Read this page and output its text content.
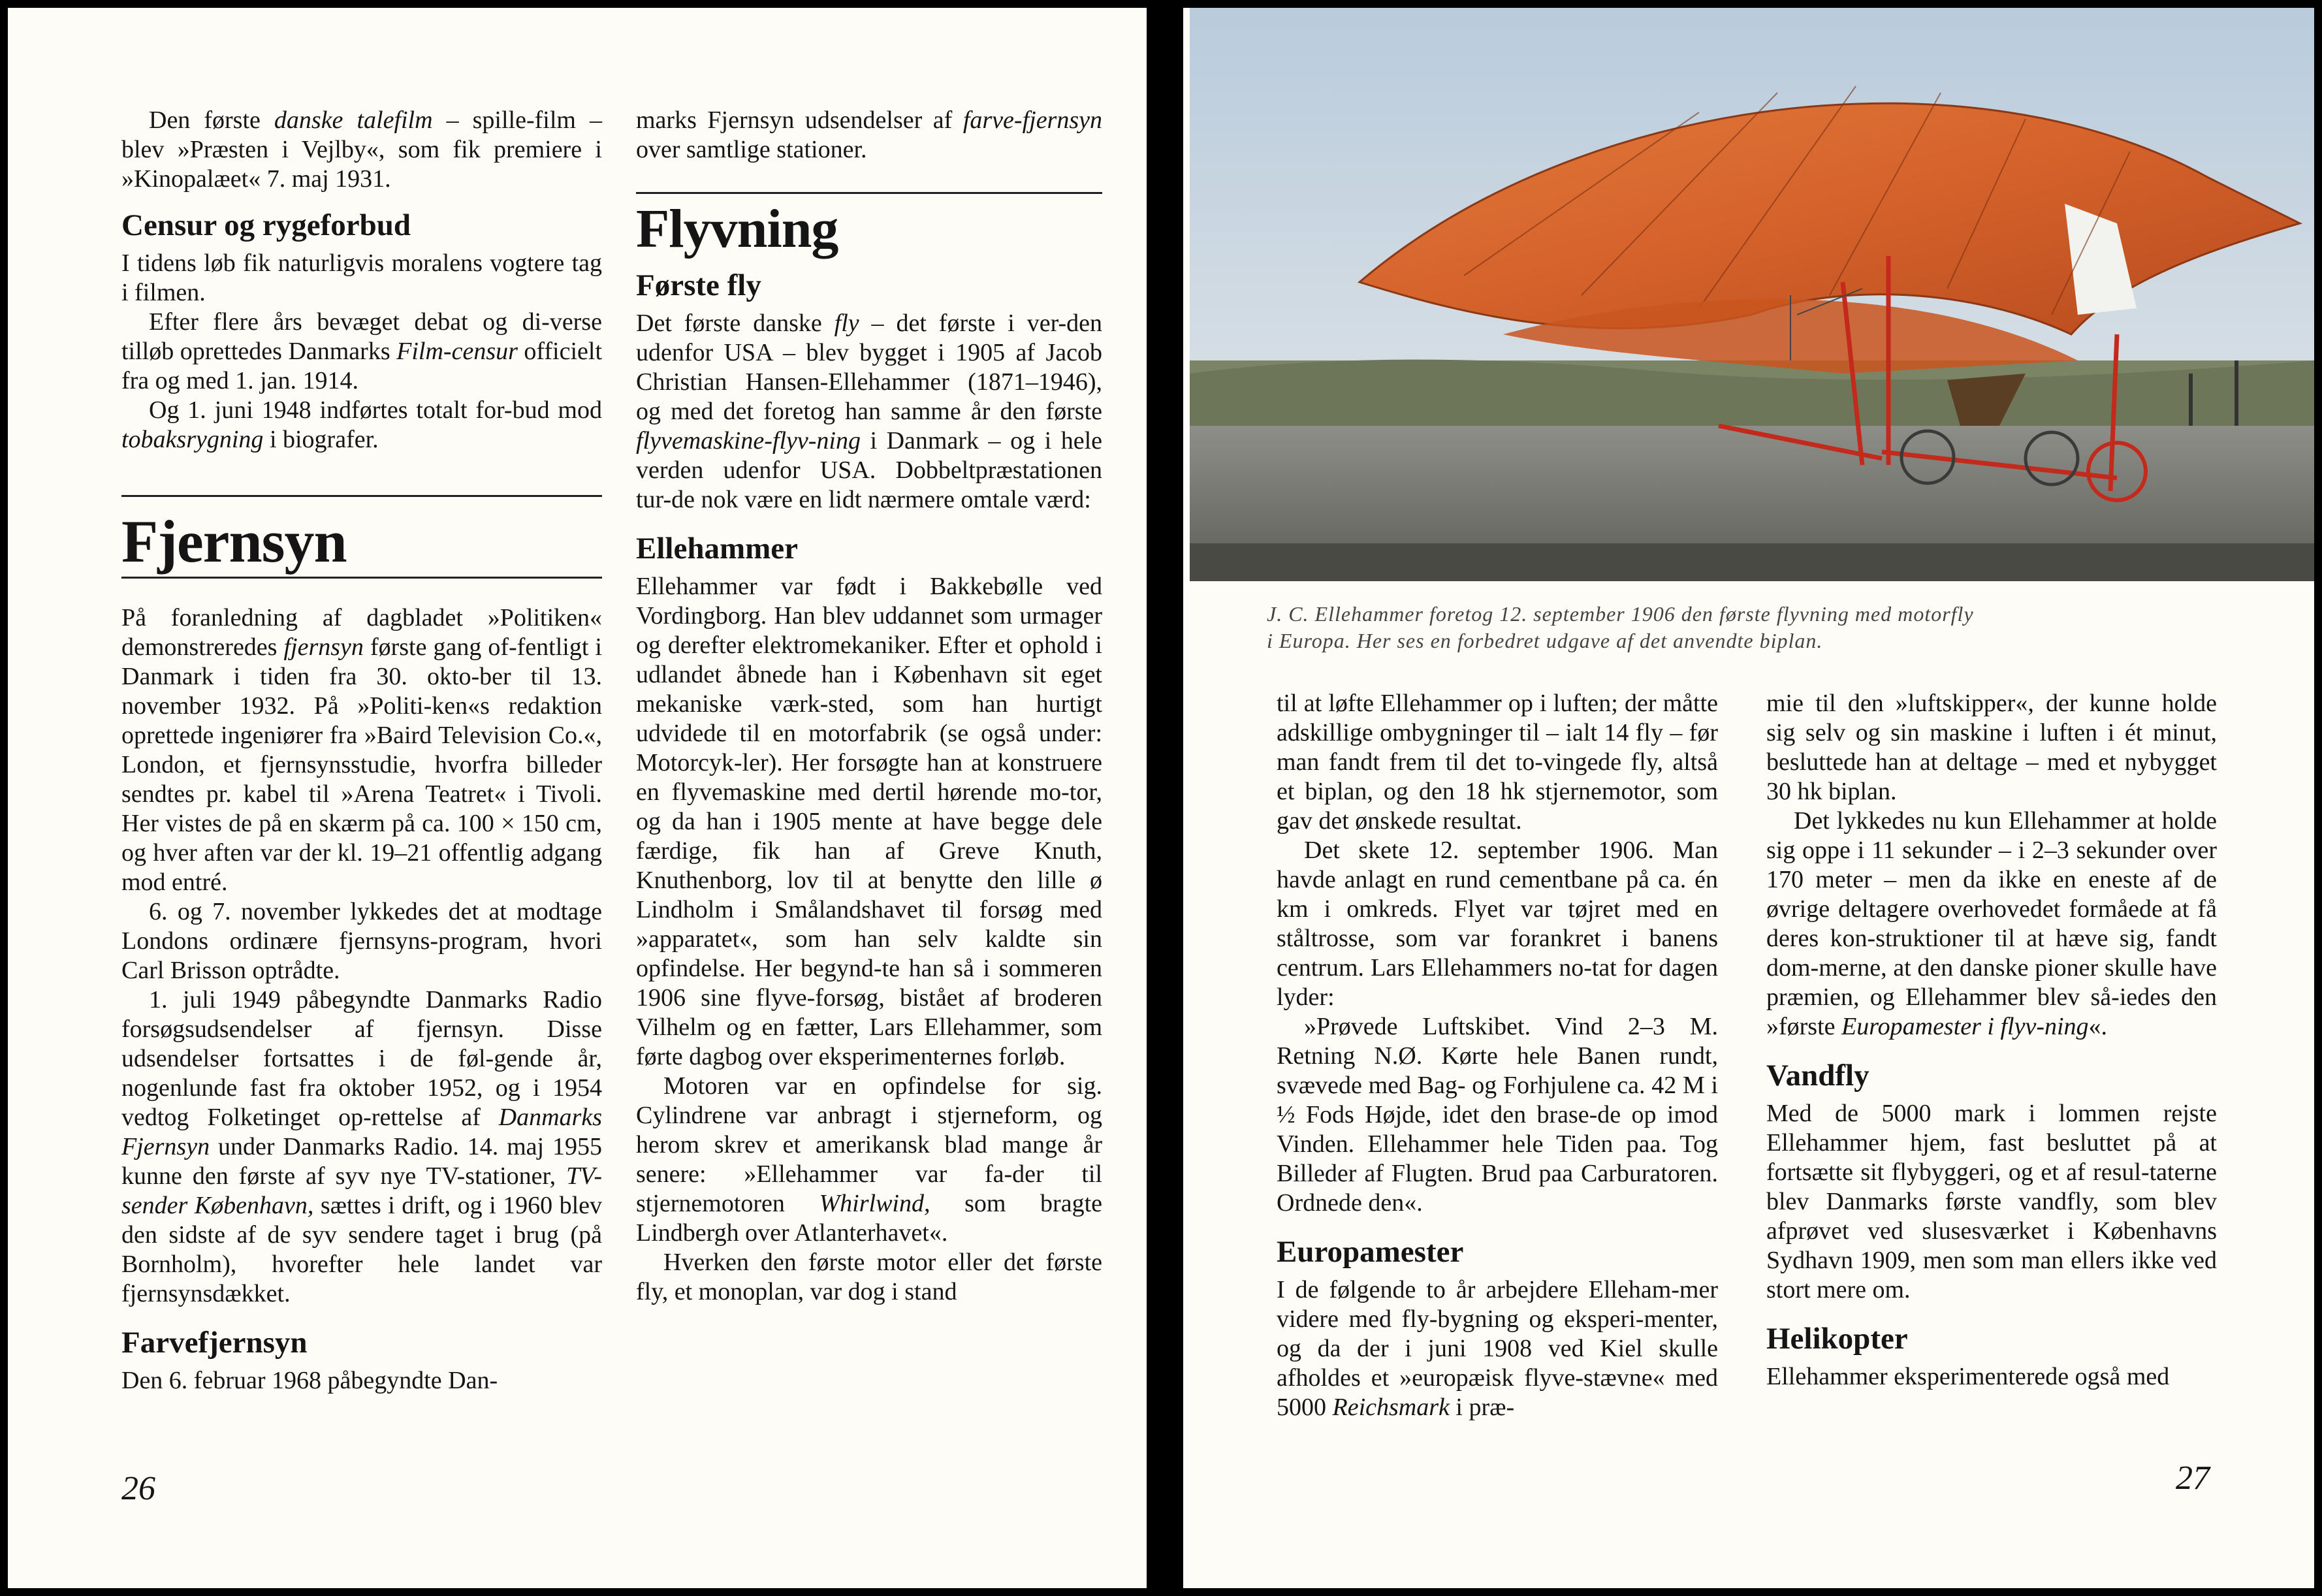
Den første danske talefilm – spille-film – blev »Præsten i Vejlby«, som fik premiere i »Kinopalæet« 7. maj 1931.

Censur og rygeforbud

I tidens løb fik naturligvis moralens vogtere tag i filmen.

Efter flere års bevæget debat og di-verse tilløb oprettedes Danmarks Film-censur officielt fra og med 1. jan. 1914.

Og 1. juni 1948 indførtes totalt for-bud mod tobaksrygning i biografer.

Fjernsyn

På foranledning af dagbladet »Politiken« demonstreredes fjernsyn første gang of-fentligt i Danmark i tiden fra 30. okto-ber til 13. november 1932. På »Politi-ken«s redaktion oprettede ingeniører fra »Baird Television Co.«, London, et fjernsynsstudie, hvorfra billeder sendtes pr. kabel til »Arena Teatret« i Tivoli. Her vistes de på en skærm på ca. 100 × 150 cm, og hver aften var der kl. 19–21 offentlig adgang mod entré.

6. og 7. november lykkedes det at modtage Londons ordinære fjernsyns-program, hvori Carl Brisson optrådte.

1. juli 1949 påbegyndte Danmarks Radio forsøgsudsendelser af fjernsyn. Disse udsendelser fortsattes i de føl-gende år, nogenlunde fast fra oktober 1952, og i 1954 vedtog Folketinget op-rettelse af Danmarks Fjernsyn under Danmarks Radio. 14. maj 1955 kunne den første af syv nye TV-stationer, TV-sender København, sættes i drift, og i 1960 blev den sidste af de syv sendere taget i brug (på Bornholm), hvorefter hele landet var fjernsynsdækket.

Farvefjernsyn

Den 6. februar 1968 påbegyndte Dan-

marks Fjernsyn udsendelser af farve-fjernsyn over samtlige stationer.

Flyvning
Første fly

Det første danske fly – det første i ver-den udenfor USA – blev bygget i 1905 af Jacob Christian Hansen-Ellehammer (1871–1946), og med det foretog han samme år den første flyvemaskine-flyv-ning i Danmark – og i hele verden udenfor USA. Dobbeltpræstationen tur-de nok være en lidt nærmere omtale værd:

Ellehammer

Ellehammer var født i Bakkebølle ved Vordingborg. Han blev uddannet som urmager og derefter elektromekaniker. Efter et ophold i udlandet åbnede han i København sit eget mekaniske værk-sted, som han hurtigt udvidede til en motorfabrik (se også under: Motorcyk-ler). Her forsøgte han at konstruere en flyvemaskine med dertil hørende mo-tor, og da han i 1905 mente at have begge dele færdige, fik han af Greve Knuth, Knuthenborg, lov til at benytte den lille ø Lindholm i Smålandshavet til forsøg med »apparatet«, som han selv kaldte sin opfindelse. Her begynd-te han så i sommeren 1906 sine flyve-forsøg, bistået af broderen Vilhelm og en fætter, Lars Ellehammer, som førte dagbog over eksperimenternes forløb.

Motoren var en opfindelse for sig. Cylindrene var anbragt i stjerneform, og herom skrev et amerikansk blad mange år senere: »Ellehammer var fa-der til stjernemotoren Whirlwind, som bragte Lindbergh over Atlanterhavet«.

Hverken den første motor eller det første fly, et monoplan, var dog i stand

26
J. C. Ellehammer foretog 12. september 1906 den første flyvning med motorfly
i Europa. Her ses en forbedret udgave af det anvendte biplan.

til at løfte Ellehammer op i luften; der måtte adskillige ombygninger til – ialt 14 fly – før man fandt frem til det to-vingede fly, altså et biplan, og den 18 hk stjernemotor, som gav det ønskede resultat.

Det skete 12. september 1906. Man havde anlagt en rund cementbane på ca. én km i omkreds. Flyet var tøjret med en ståltrosse, som var forankret i banens centrum. Lars Ellehammers no-tat for dagen lyder:

»Prøvede Luftskibet. Vind 2–3 M. Retning N.Ø. Kørte hele Banen rundt, svævede med Bag- og Forhjulene ca. 42 M i ½ Fods Højde, idet den brase-de op imod Vinden. Ellehammer hele Tiden paa. Tog Billeder af Flugten. Brud paa Carburatoren. Ordnede den«.

Europamester

I de følgende to år arbejdere Elleham-mer videre med fly-bygning og eksperi-menter, og da der i juni 1908 ved Kiel skulle afholdes et »europæisk flyve-stævne« med 5000 Reichsmark i præ-

mie til den »luftskipper«, der kunne holde sig selv og sin maskine i luften i ét minut, besluttede han at deltage – med et nybygget 30 hk biplan.

Det lykkedes nu kun Ellehammer at holde sig oppe i 11 sekunder – i 2–3 sekunder over 170 meter – men da ikke en eneste af de øvrige deltagere overhovedet formåede at få deres kon-struktioner til at hæve sig, fandt dom-merne, at den danske pioner skulle have præmien, og Ellehammer blev så-iedes den »første Europamester i flyv-ning«.

Vandfly

Med de 5000 mark i lommen rejste Ellehammer hjem, fast besluttet på at fortsætte sit flybyggeri, og et af resul-taterne blev Danmarks første vandfly, som blev afprøvet ved slusesværket i Københavns Sydhavn 1909, men som man ellers ikke ved stort mere om.

Helikopter

Ellehammer eksperimenterede også med

27
